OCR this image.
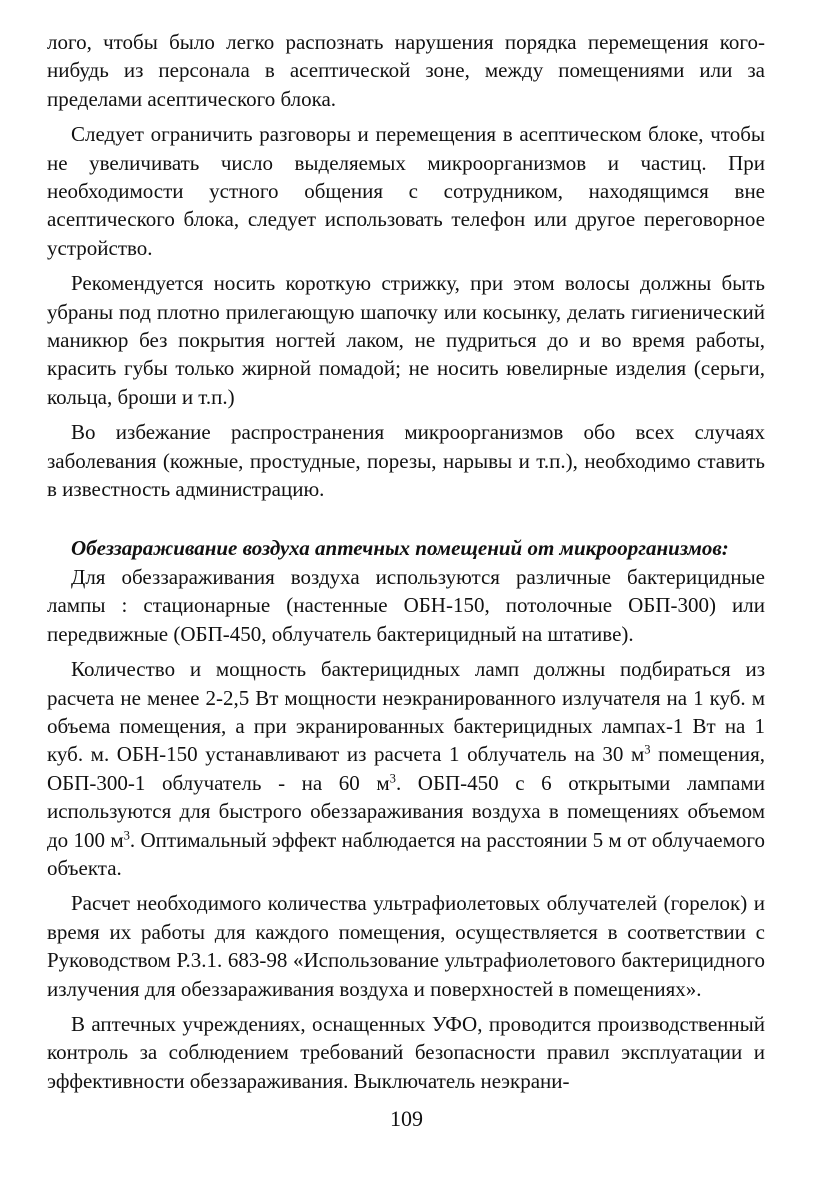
лого, чтобы было легко распознать нарушения порядка перемещения кого-нибудь из персонала в асептической зоне, между помещениями или за пределами асептического блока.

Следует ограничить разговоры и перемещения в асептическом блоке, чтобы не увеличивать число выделяемых микроорганизмов и частиц. При необходимости устного общения с сотрудником, находящимся вне асептического блока, следует использовать телефон или другое переговорное устройство.

Рекомендуется носить короткую стрижку, при этом волосы должны быть убраны под плотно прилегающую шапочку или косынку, делать гигиенический маникюр без покрытия ногтей лаком, не пудриться до и во время работы, красить губы только жирной помадой; не носить ювелирные изделия (серьги, кольца, броши и т.п.)

Во избежание распространения микроорганизмов обо всех случаях заболевания (кожные, простудные, порезы, нарывы и т.п.), необходимо ставить в известность администрацию.

Обеззараживание воздуха аптечных помещений от микроорганизмов:

Для обеззараживания воздуха используются различные бактерицидные лампы : стационарные (настенные ОБН-150, потолочные ОБП-300) или передвижные (ОБП-450, облучатель бактерицидный на штативе).

Количество и мощность бактерицидных ламп должны подбираться из расчета не менее 2-2,5 Вт мощности неэкранированного излучателя на 1 куб. м объема помещения, а при экранированных бактерицидных лампах-1 Вт на 1 куб. м. ОБН-150 устанавливают из расчета 1 облучатель на 30 $м^3$ помещения, ОБП-300-1 облучатель - на 60 $м^3$. ОБП-450 с 6 открытыми лампами используются для быстрого обеззараживания воздуха в помещениях объемом до 100 $м^3$. Оптимальный эффект наблюдается на расстоянии 5 м от облучаемого объекта.

Расчет необходимого количества ультрафиолетовых облучателей (горелок) и время их работы для каждого помещения, осуществляется в соответствии с Руководством Р.3.1. 683-98 «Использование ультрафиолетового бактерицидного излучения для обеззараживания воздуха и поверхностей в помещениях».

В аптечных учреждениях, оснащенных УФО, проводится производственный контроль за соблюдением требований безопасности правил эксплуатации и эффективности обеззараживания. Выключатель неэкрани-

109
